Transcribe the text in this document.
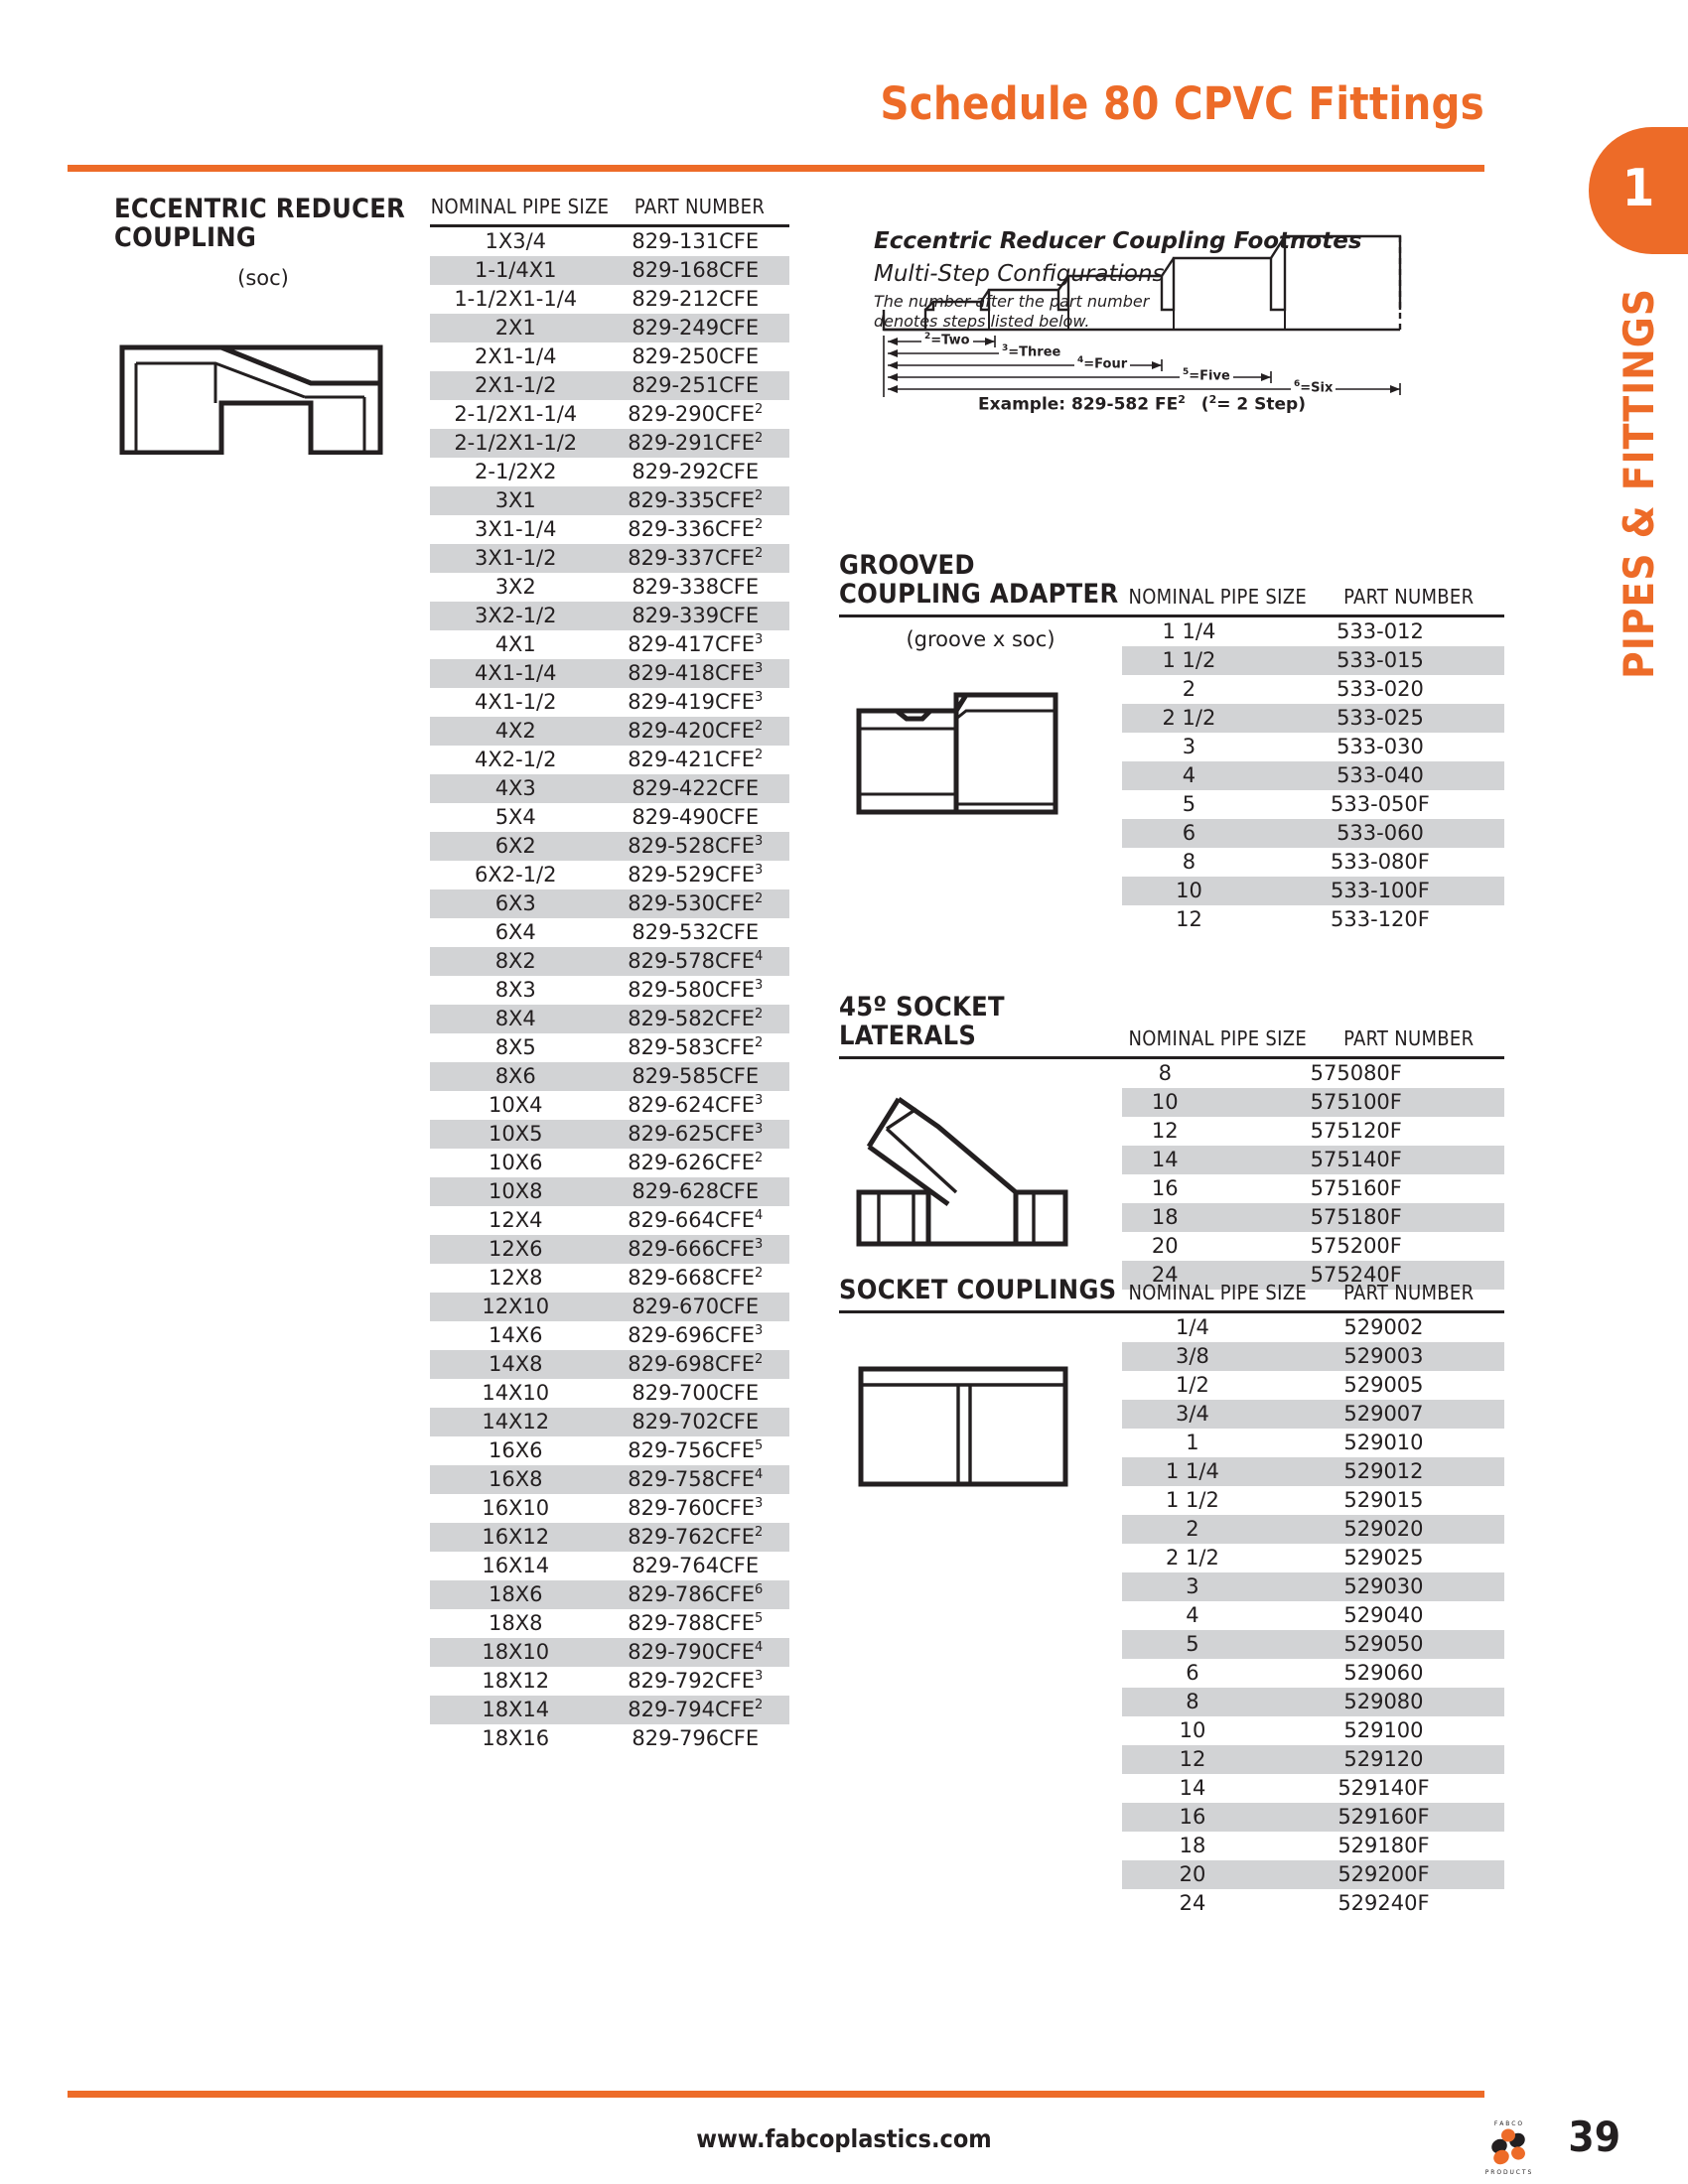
Schedule 80 CPVC Fittings
1
PIPES & FITTINGS
ECCENTRIC REDUCER
COUPLING
(soc)
NOMINAL PIPE SIZE	PART NUMBER
1X3/4	829-131CFE
1-1/4X1	829-168CFE
1-1/2X1-1/4	829-212CFE
2X1	829-249CFE
2X1-1/4	829-250CFE
2X1-1/2	829-251CFE
2-1/2X1-1/4	829-290CFE$^2$
2-1/2X1-1/2	829-291CFE$^2$
2-1/2X2	829-292CFE
3X1	829-335CFE$^2$
3X1-1/4	829-336CFE$^2$
3X1-1/2	829-337CFE$^2$
3X2	829-338CFE
3X2-1/2	829-339CFE
4X1	829-417CFE$^3$
4X1-1/4	829-418CFE$^3$
4X1-1/2	829-419CFE$^3$
4X2	829-420CFE$^2$
4X2-1/2	829-421CFE$^2$
4X3	829-422CFE
5X4	829-490CFE
6X2	829-528CFE$^3$
6X2-1/2	829-529CFE$^3$
6X3	829-530CFE$^2$
6X4	829-532CFE
8X2	829-578CFE$^4$
8X3	829-580CFE$^3$
8X4	829-582CFE$^2$
8X5	829-583CFE$^2$
8X6	829-585CFE
10X4	829-624CFE$^3$
10X5	829-625CFE$^3$
10X6	829-626CFE$^2$
10X8	829-628CFE
12X4	829-664CFE$^4$
12X6	829-666CFE$^3$
12X8	829-668CFE$^2$
12X10	829-670CFE
14X6	829-696CFE$^3$
14X8	829-698CFE$^2$
14X10	829-700CFE
14X12	829-702CFE
16X6	829-756CFE$^5$
16X8	829-758CFE$^4$
16X10	829-760CFE$^3$
16X12	829-762CFE$^2$
16X14	829-764CFE
18X6	829-786CFE$^6$
18X8	829-788CFE$^5$
18X10	829-790CFE$^4$
18X12	829-792CFE$^3$
18X14	829-794CFE$^2$
18X16	829-796CFE
$^2$=Two
$^3$=Three
$^4$=Four
$^5$=Five
$^6$=Six
Example: 829-582 $FE^2$ ($^2$= 2 Step)
Eccentric Reducer Coupling Footnotes
Multi-Step Configurations
The number after the part number
denotes steps listed below.
GROOVED COUPLING ADAPTER NOMINAL PIPE SIZE	PART NUMBER
(groove x soc)	1 1/4	533-012
1 1/2	533-015
2	533-020
2 1/2	533-025
3	533-030
4	533-040
5	533-050F
6	533-060
8	533-080F
10	533-100F
12	533-120F
45º SOCKET LATERALS	NOMINAL PIPE SIZE	PART NUMBER
8	575080F
10	575100F
12	575120F
14	575140F
16	575160F
18	575180F
20	575200F
24	575240F
SOCKET COUPLINGS NOMINAL PIPE SIZE	PART NUMBER
1/4	529002
3/8	529003
1/2	529005
3/4	529007
1	529010
1 1/4	529012
1 1/2	529015
2	529020
2 1/2	529025
3	529030
4	529040
5	529050
6	529060
8	529080
10	529100
12	529120
14	529140F
16	529160F
18	529180F
20	529200F
24	529240F
www.fabcoplastics.com
F A B C O
P R O D U C T S
39
